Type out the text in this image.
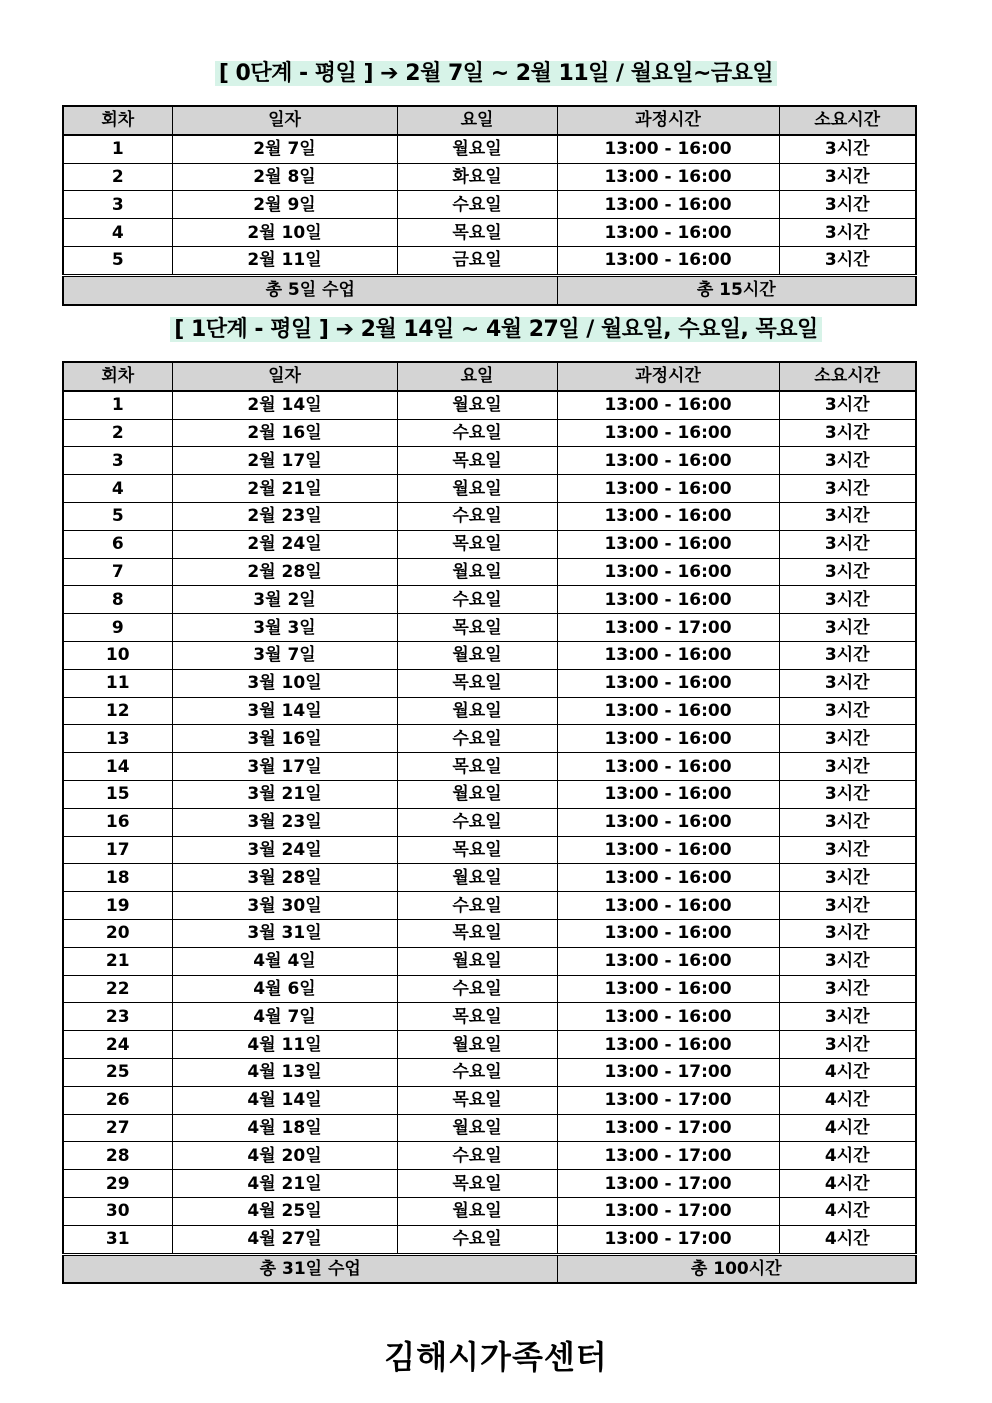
[ 0단계 - 평일 ] ➔ 2월 7일 ~ 2월 11일 / 월요일~금요일
회차	일자	요일	과정시간	소요시간
1	2월 7일	월요일	13:00 - 16:00	3시간
2	2월 8일	화요일	13:00 - 16:00	3시간
3	2월 9일	수요일	13:00 - 16:00	3시간
4	2월 10일	목요일	13:00 - 16:00	3시간
5	2월 11일	금요일	13:00 - 16:00	3시간
총 5일 수업			총 15시간	
[ 1단계 - 평일 ] ➔ 2월 14일 ~ 4월 27일 / 월요일, 수요일, 목요일
회차	일자	요일	과정시간	소요시간
1	2월 14일	월요일	13:00 - 16:00	3시간
2	2월 16일	수요일	13:00 - 16:00	3시간
3	2월 17일	목요일	13:00 - 16:00	3시간
4	2월 21일	월요일	13:00 - 16:00	3시간
5	2월 23일	수요일	13:00 - 16:00	3시간
6	2월 24일	목요일	13:00 - 16:00	3시간
7	2월 28일	월요일	13:00 - 16:00	3시간
8	3월 2일	수요일	13:00 - 16:00	3시간
9	3월 3일	목요일	13:00 - 17:00	3시간
10	3월 7일	월요일	13:00 - 16:00	3시간
11	3월 10일	목요일	13:00 - 16:00	3시간
12	3월 14일	월요일	13:00 - 16:00	3시간
13	3월 16일	수요일	13:00 - 16:00	3시간
14	3월 17일	목요일	13:00 - 16:00	3시간
15	3월 21일	월요일	13:00 - 16:00	3시간
16	3월 23일	수요일	13:00 - 16:00	3시간
17	3월 24일	목요일	13:00 - 16:00	3시간
18	3월 28일	월요일	13:00 - 16:00	3시간
19	3월 30일	수요일	13:00 - 16:00	3시간
20	3월 31일	목요일	13:00 - 16:00	3시간
21	4월 4일	월요일	13:00 - 16:00	3시간
22	4월 6일	수요일	13:00 - 16:00	3시간
23	4월 7일	목요일	13:00 - 16:00	3시간
24	4월 11일	월요일	13:00 - 16:00	3시간
25	4월 13일	수요일	13:00 - 17:00	4시간
26	4월 14일	목요일	13:00 - 17:00	4시간
27	4월 18일	월요일	13:00 - 17:00	4시간
28	4월 20일	수요일	13:00 - 17:00	4시간
29	4월 21일	목요일	13:00 - 17:00	4시간
30	4월 25일	월요일	13:00 - 17:00	4시간
31	4월 27일	수요일	13:00 - 17:00	4시간
총 31일 수업			총 100시간	
김해시가족센터
